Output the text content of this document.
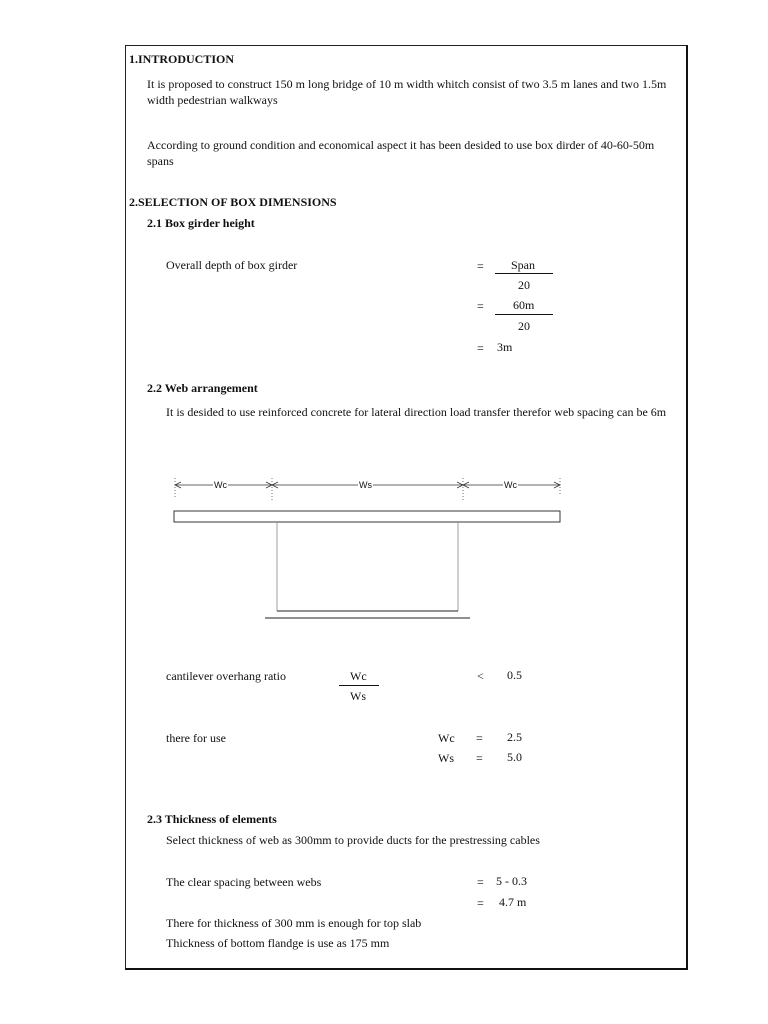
1.INTRODUCTION
It is proposed to construct 150 m long bridge of 10 m width whitch consist of two 3.5 m lanes and two 1.5m width pedestrian walkways
According to ground condition and economical aspect it has been desided to use box dirder of 40-60-50m spans
2.SELECTION OF BOX DIMENSIONS
2.1 Box girder height
Overall depth of box girder	= Span
20
= 60m
20
= 3m
2.2 Web arrangement
It is desided to use reinforced concrete for lateral direction load transfer therefor web spacing can be 6m
Wc	Ws	Wc
cantilever overhang ratio	Wc
Ws
< 0.5
there for use	Wc = 2.5
Ws = 5.0
2.3 Thickness of elements
Select thickness of web as 300mm to provide ducts for the prestressing cables
The clear spacing between webs	= 5 - 0.3
= 4.7 m
There for thickness of 300 mm is enough for top slab
Thickness of bottom flandge is use as 175 mm
